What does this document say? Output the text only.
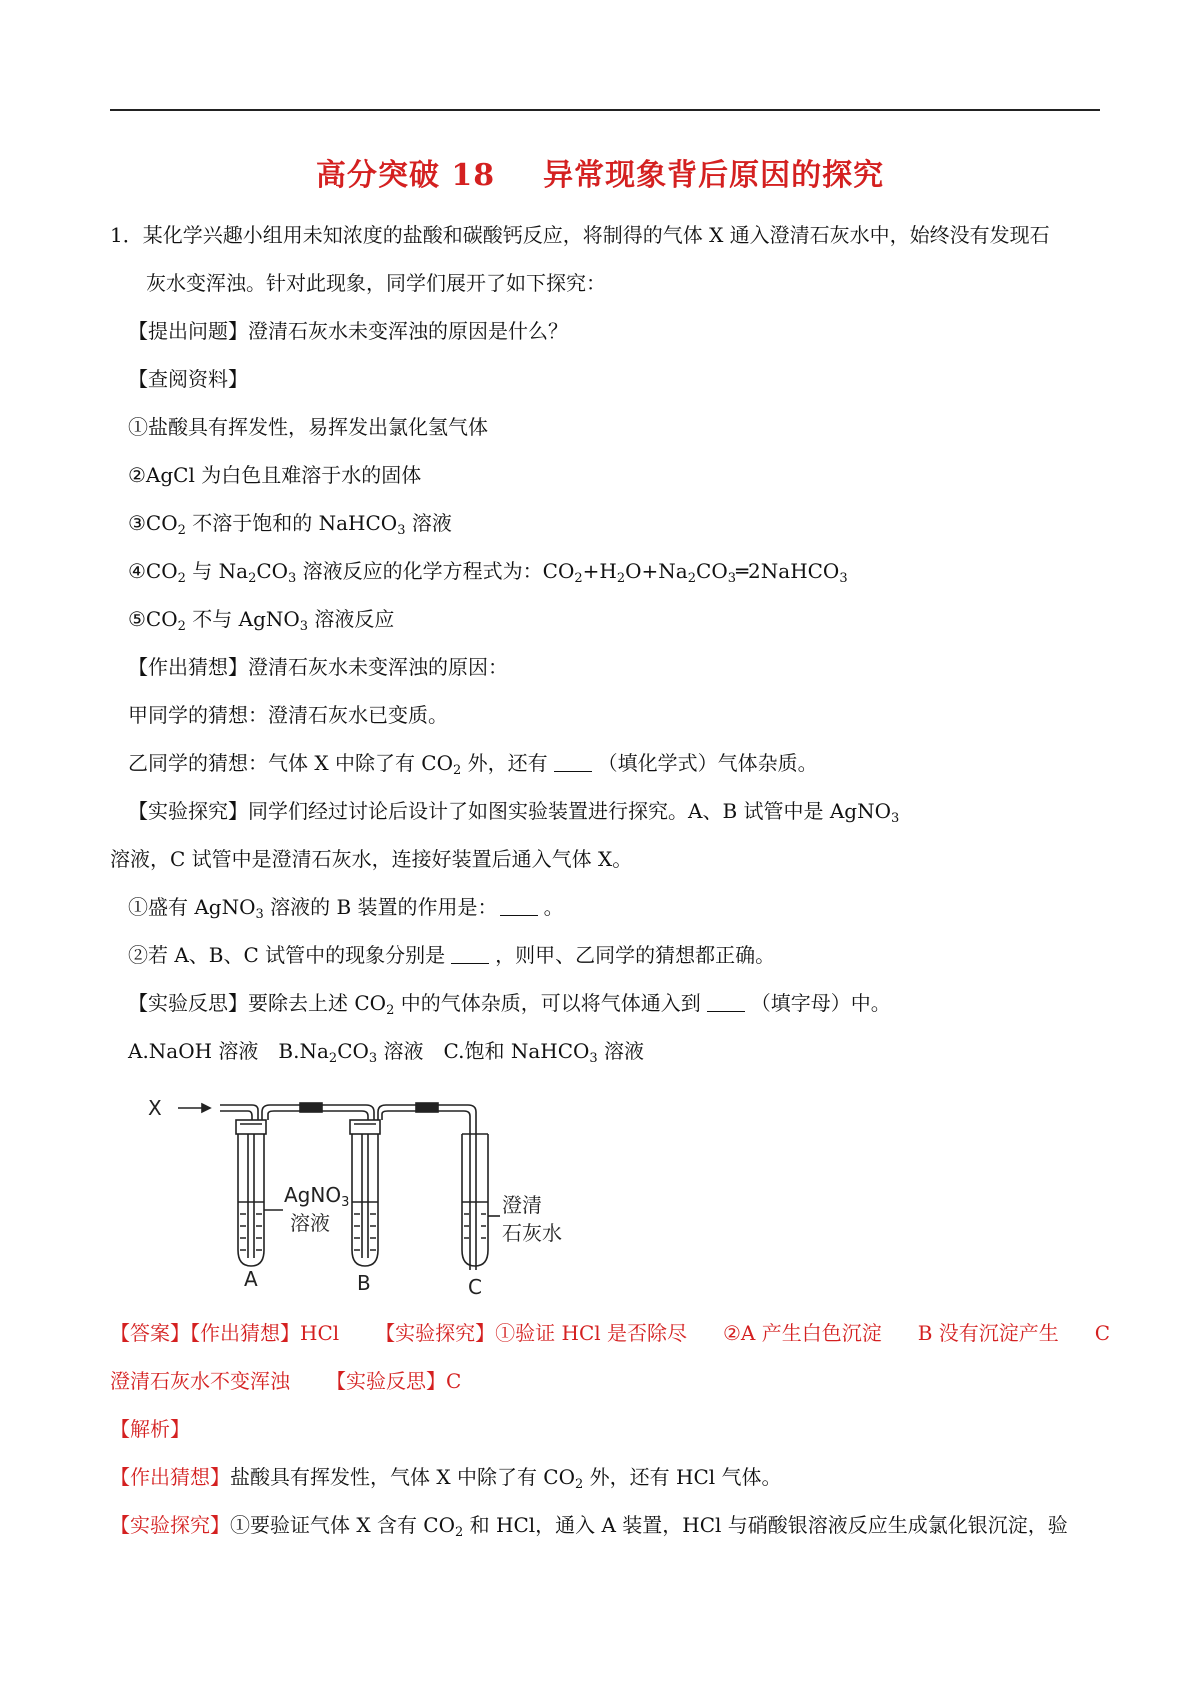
高分突破 18 异常现象背后原因的探究
1．某化学兴趣小组用未知浓度的盐酸和碳酸钙反应，将制得的气体 X 通入澄清石灰水中，始终没有发现石
灰水变浑浊。针对此现象，同学们展开了如下探究：
【提出问题】澄清石灰水未变浑浊的原因是什么？
【查阅资料】
①盐酸具有挥发性，易挥发出氯化氢气体
②AgCl 为白色且难溶于水的固体
$③CO_2$ 不溶于饱和的 NaHCO$_3$ 溶液
$④CO_2$ 与 $Na_2CO_3$ 溶液反应的化学方程式为：$CO_2+H_2O+Na_2CO_3═2NaHCO_3$
$⑤CO_2$ 不与 AgNO$_3$ 溶液反应
【作出猜想】澄清石灰水未变浑浊的原因：
甲同学的猜想：澄清石灰水已变质。
乙同学的猜想：气体 X 中除了有 $CO_2$ 外，还有	（填化学式）气体杂质。
【实验探究】同学们经过讨论后设计了如图实验装置进行探究。A、B 试管中是 AgNO$_3$
溶液，C 试管中是澄清石灰水，连接好装置后通入气体 X。
①盛有 AgNO$_3$ 溶液的 B 装置的作用是： 。
②若 A、B、C 试管中的现象分别是	，则甲、乙同学的猜想都正确。
【实验反思】要除去上述 $CO_2$ 中的气体杂质，可以将气体通入到	（填字母）中。
A.NaOH 溶液 $B.Na_2CO_3$ 溶液 C.饱和 NaHCO$_3$ 溶液
X
A	B	C
AgNO$_3$
溶液
澄清
石灰水
【答案】【作出猜想】HCl 【实验探究】①验证 HCl 是否除尽 ②A 产生白色沉淀 B 没有沉淀产生 C
澄清石灰水不变浑浊 【实验反思】C
【解析】
【作出猜想】盐酸具有挥发性，气体 X 中除了有 $CO_2$ 外，还有 HCl 气体。
【实验探究】①要验证气体 X 含有 $CO_2$ 和 HCl，通入 A 装置，HCl 与硝酸银溶液反应生成氯化银沉淀，验
